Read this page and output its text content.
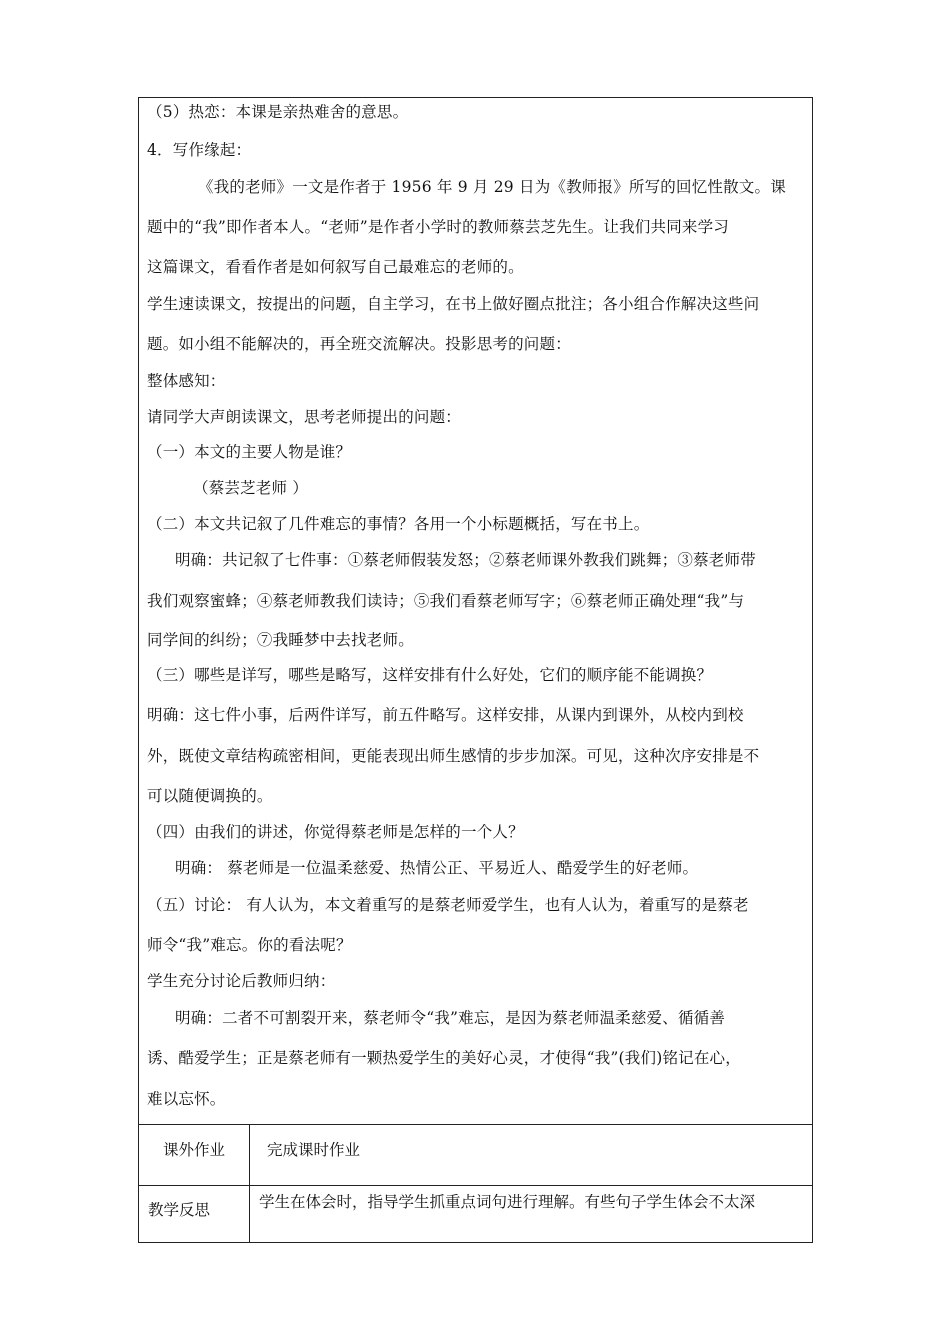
（5）热恋：本课是亲热难舍的意思。
4．写作缘起：
《我的老师》一文是作者于 1956 年 9 月 29 日为《教师报》所写的回忆性散文。课
题中的“我”即作者本人。“老师”是作者小学时的教师蔡芸芝先生。让我们共同来学习
这篇课文，看看作者是如何叙写自己最难忘的老师的。
学生速读课文，按提出的问题，自主学习，在书上做好圈点批注；各小组合作解决这些问
题。如小组不能解决的，再全班交流解决。投影思考的问题：
整体感知：
请同学大声朗读课文，思考老师提出的问题：
（一）本文的主要人物是谁？
（蔡芸芝老师 ）
（二）本文共记叙了几件难忘的事情？各用一个小标题概括，写在书上。
明确：共记叙了七件事：①蔡老师假装发怒；②蔡老师课外教我们跳舞；③蔡老师带
我们观察蜜蜂；④蔡老师教我们读诗；⑤我们看蔡老师写字；⑥蔡老师正确处理“我”与
同学间的纠纷；⑦我睡梦中去找老师。
（三）哪些是详写，哪些是略写，这样安排有什么好处，它们的顺序能不能调换？
明确：这七件小事，后两件详写，前五件略写。这样安排，从课内到课外，从校内到校
外，既使文章结构疏密相间，更能表现出师生感情的步步加深。可见，这种次序安排是不
可以随便调换的。
（四）由我们的讲述，你觉得蔡老师是怎样的一个人？
明确： 蔡老师是一位温柔慈爱、热情公正、平易近人、酷爱学生的好老师。
（五）讨论： 有人认为，本文着重写的是蔡老师爱学生，也有人认为，着重写的是蔡老
师令“我”难忘。你的看法呢？
学生充分讨论后教师归纳：
明确：二者不可割裂开来，蔡老师令“我”难忘，是因为蔡老师温柔慈爱、循循善
诱、酷爱学生；正是蔡老师有一颗热爱学生的美好心灵，才使得“我”(我们)铭记在心，
难以忘怀。
课外作业	完成课时作业
教学反思	学生在体会时，指导学生抓重点词句进行理解。有些句子学生体会不太深
